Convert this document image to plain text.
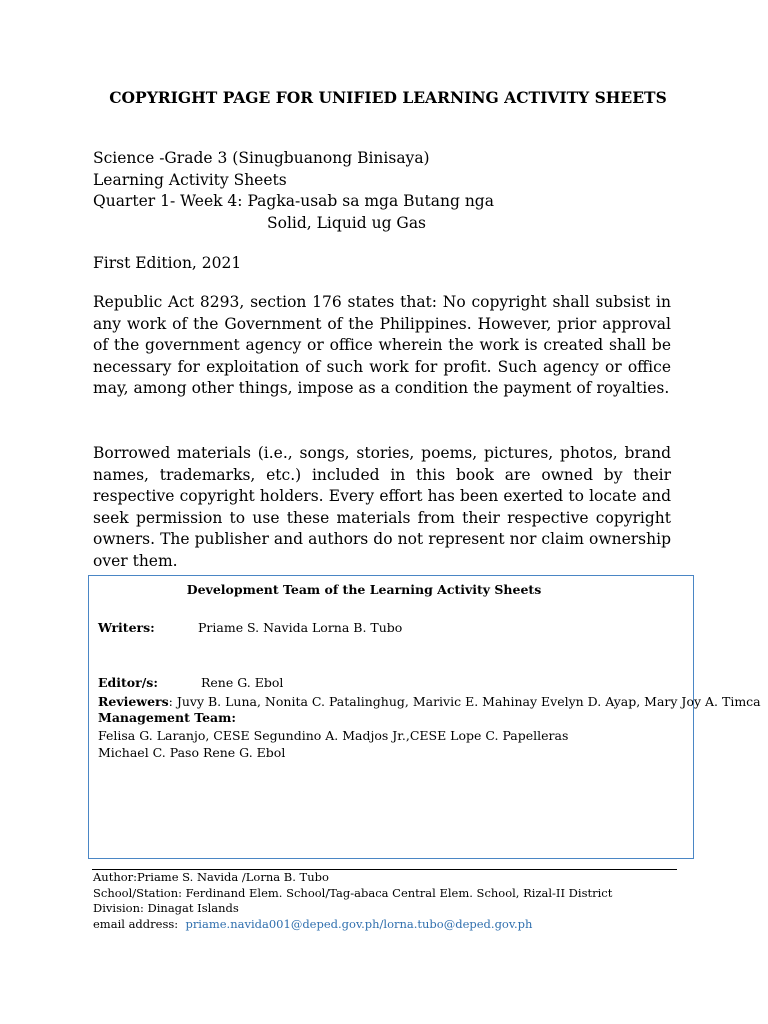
COPYRIGHT PAGE FOR UNIFIED LEARNING ACTIVITY SHEETS
Science -Grade 3 (Sinugbuanong Binisaya)
Learning Activity Sheets
Quarter 1- Week 4: Pagka-usab sa mga Butang nga
Solid, Liquid ug Gas
First Edition, 2021

Republic Act 8293, section 176 states that: No copyright shall subsist in any work of the Government of the Philippines. However, prior approval of the government agency or office wherein the work is created shall be necessary for exploitation of such work for profit. Such agency or office may, among other things, impose as a condition the payment of royalties.

Borrowed materials (i.e., songs, stories, poems, pictures, photos, brand names, trademarks, etc.) included in this book are owned by their respective copyright holders. Every effort has been exerted to locate and seek permission to use these materials from their respective copyright owners. The publisher and authors do not represent nor claim ownership over them.

Development Team of the Learning Activity Sheets
Writers:	Priame S. Navida Lorna B. Tubo
Editor/s:	Rene G. Ebol
Reviewers: Juvy B. Luna, Nonita C. Patalinghug, Marivic E. Mahinay Evelyn D. Ayap, Mary Joy A. Timca
Management Team:
Felisa G. Laranjo, CESE Segundino A. Madjos Jr.,CESE Lope C. Papelleras
Michael C. Paso Rene G. Ebol
Author:Priame S. Navida /Lorna B. Tubo
School/Station: Ferdinand Elem. School/Tag-abaca Central Elem. School, Rizal-II District
Division: Dinagat Islands
email address: priame.navida001@deped.gov.ph/lorna.tubo@deped.gov.ph
